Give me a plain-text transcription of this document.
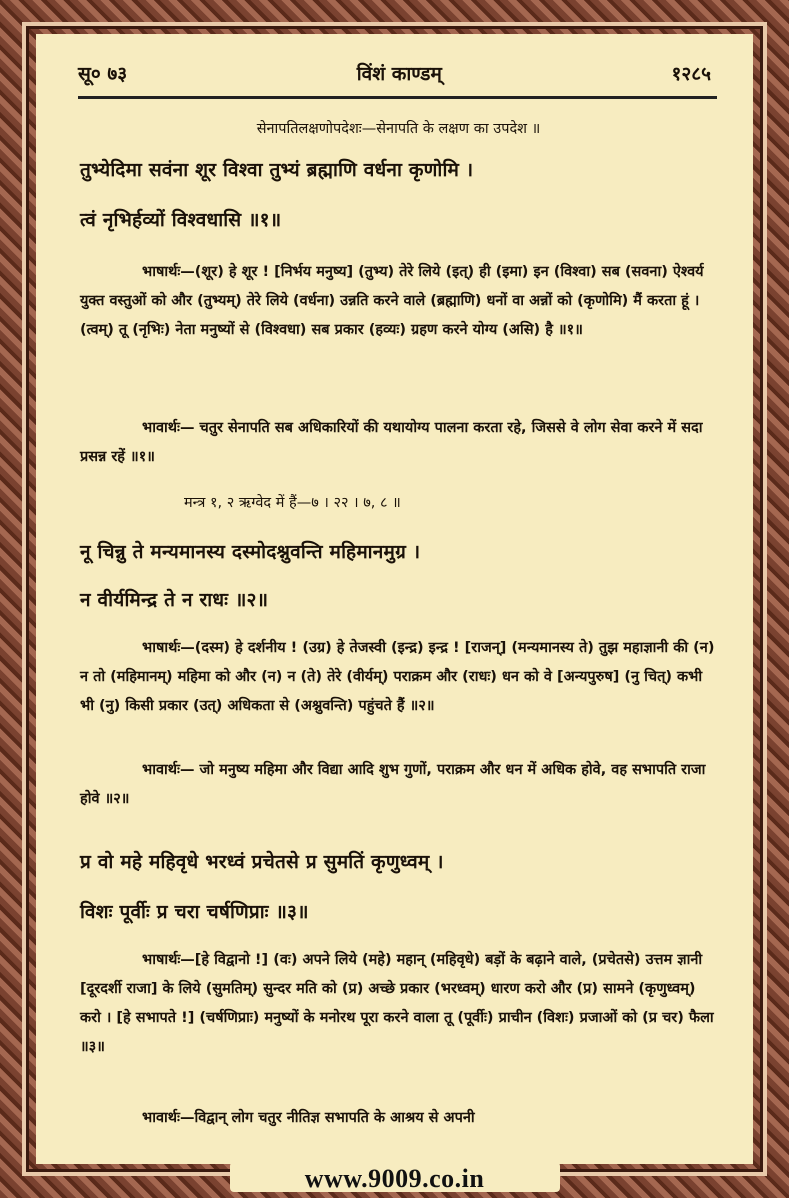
सू० ७३	विंशं काण्डम्	१२८५
सेनापतिलक्षणोपदेशः—सेनापति के लक्षण का उपदेश ॥
तुभ्येदिमा सवंना शूर विश्वा तुभ्यं ब्रह्माणि वर्धना कृणोमि ।
त्वं नृभिर्हव्यों विश्वधासि ॥१॥
भाषार्थः—(शूर) हे शूर ! [निर्भय मनुष्य] (तुभ्य) तेरे लिये (इत्) ही (इमा) इन (विश्वा) सब (सवना) ऐश्वर्य युक्त वस्तुओं को और (तुभ्यम्) तेरे लिये (वर्धना) उन्नति करने वाले (ब्रह्माणि) धनों वा अन्नों को (कृणोमि) मैं करता हूं । (त्वम्) तू (नृभिः) नेता मनुष्यों से (विश्वधा) सब प्रकार (हव्यः) ग्रहण करने योग्य (असि) है ॥१॥
भावार्थः— चतुर सेनापति सब अधिकारियों की यथायोग्य पालना करता रहे, जिससे वे लोग सेवा करने में सदा प्रसन्न रहें ॥१॥
मन्त्र १, २ ऋग्वेद में हैं—७ । २२ । ७, ८ ॥
नू चिन्नु ते मन्यमानस्य दस्मोदश्नुवन्ति महिमानमुग्र ।
न वीर्यमिन्द्र ते न राधः ॥२॥
भाषार्थः—(दस्म) हे दर्शनीय ! (उग्र) हे तेजस्वी (इन्द्र) इन्द्र ! [राजन्] (मन्यमानस्य ते) तुझ महाज्ञानी की (न) न तो (महिमानम्) महिमा को और (न) न (ते) तेरे (वीर्यम्) पराक्रम और (राधः) धन को वे [अन्यपुरुष] (नु चित्) कभी भी (नु) किसी प्रकार (उत्) अधिकता से (अश्नुवन्ति) पहुंचते हैं ॥२॥
भावार्थः— जो मनुष्य महिमा और विद्या आदि शुभ गुणों, पराक्रम और धन में अधिक होवे, वह सभापति राजा होवे ॥२॥
प्र वो महे महिवृधे भरध्वं प्रचेतसे प्र सुमतिं कृणुध्वम् ।
विशः पूर्वीः प्र चरा चर्षणिप्राः ॥३॥
भाषार्थः—[हे विद्वानो !] (वः) अपने लिये (महे) महान् (महिवृधे) बड़ों के बढ़ाने वाले, (प्रचेतसे) उत्तम ज्ञानी [दूरदर्शी राजा] के लिये (सुमतिम्) सुन्दर मति को (प्र) अच्छे प्रकार (भरध्वम्) धारण करो और (प्र) सामने (कृणुध्वम्) करो । [हे सभापते !] (चर्षणिप्राः) मनुष्यों के मनोरथ पूरा करने वाला तू (पूर्वीः) प्राचीन (विशः) प्रजाओं को (प्र चर) फैला ॥३॥
भावार्थः—विद्वान् लोग चतुर नीतिज्ञ सभापति के आश्रय से अपनी
www.9009.co.in
